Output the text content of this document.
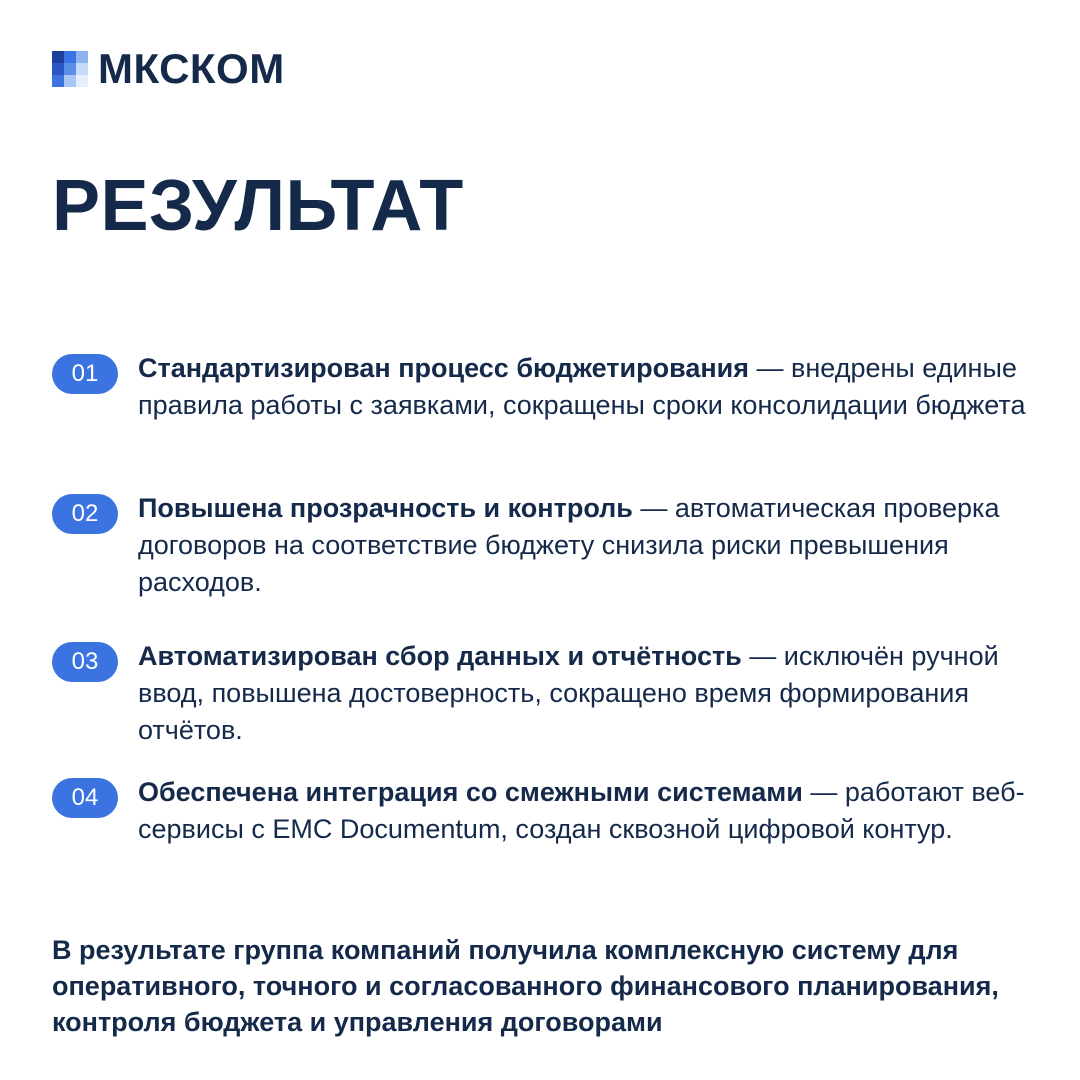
МКСКОМ
РЕЗУЛЬТАТ
01	Стандартизирован процесс бюджетирования — внедрены единые правила работы с заявками, сокращены сроки консолидации бюджета
02	Повышена прозрачность и контроль — автоматическая проверка договоров на соответствие бюджету снизила риски превышения расходов.
03	Автоматизирован сбор данных и отчётность — исключён ручной ввод, повышена достоверность, сокращено время формирования отчётов.
04	Обеспечена интеграция со смежными системами — работают веб-сервисы с EMC Documentum, создан сквозной цифровой контур.
В результате группа компаний получила комплексную систему для оперативного, точного и согласованного финансового планирования, контроля бюджета и управления договорами
